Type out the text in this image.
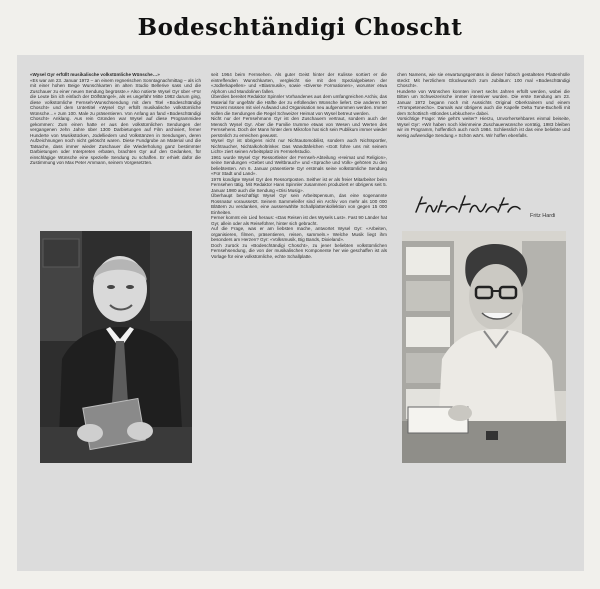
Bodeschtändigi Choscht

«Wysel Gyr erfüllt musikalische volkstümliche Wünsche…»

«Es war am 23. Januar 1972 – an einem regnerischen Sonntagnachmittag – als ich mit einer hohen Beige Wunschkarten im alten Studio Bellerive sass und die Zuschauer zu einer neuen Sendung begrüsste.» Also notierte Wysel Gyr über «Für die Leute bin ich einfach der Dölfstängel», als es ungefähr Mitte 1982 darum ging, diese volkstümliche Fernseh-Wunschsendung mit dem Titel «Bodeschtändigi Choscht» und dem Untertitel «Wysel Gyr erfüllt musikalische volkstümliche Wünsche…» zum 100. Male zu präsentieren. Von Anfang an fand «Bodeschtändigi Choscht» Anklang. Aus rein Gründen war Wysel auf diese Programmidee gekommen: Zum einen hatte er aus den volkstümlichen Sendungen der vergangenen zehn Jahre über 1300 Darbietungen auf Film archiviert, ferner Hunderte von Musikstücken, Jodelliedern und Volkstänzen in Sendungen, deren Aufzeichnungen noch nicht gelöscht waren. Diese Fundgrube an Material und die Tatsache, dass immer wieder Zuschauer die Wiederholung ganz bestimmter Darbietungen oder Interpreten erbaten, brachten Gyr auf den Gedanken, für einschlägige Wünsche eine spezielle Sendung zu schaffen. Er erhielt dafür die Zustimmung von Max Peter Ammann, seinem Vorgesetzten.

seit 1964 beim Fernsehen. Als guter Geist hinter der Kulisse sortiert er die eintreffenden Wunschkarten, vergleicht sie mit den Spezialgebieten der «Jodlerkapellen» und «Blasmusik», sowie «Diverse Formationen», worunter etwa Alphorn und Mandolinen fallen.

Überdies bereitet Redaktor Spinnler Vorhandenes aus dem umfangreichen Archiv, das Material für ungefähr die Hälfte der zu erfüllenden Wünsche liefert. Die anderen 50 Prozent müssen mit viel Aufwand und Organisation neu aufgenommen werden. Immer sollen die Sendungen die Regel Schweizer Heimat von Wysel betreut werden.

Nicht nur der Fernsehmann Gyr ist den Zuschauern vertraut, sondern auch der Mensch Wysel Gyr. Aber die Familie trumme etwas von Wesen und Werten des Fernsehens. Doch der Mann hinter dem Mikrofon hat sich sein Publikum immer wieder persönlich zu erreichen gewusst.

Wysel Gyr ist übrigens nicht nur Nichtautomobilist, sondern auch Nichtsportler, Nichtraucher, Nichtalkoholtrinker. Das Wandtäfelchen «Gott führe uns mit seinem Licht» ziert seinen Arbeitsplatz im Fernsehstudio.

1961 wurde Wysel Gyr Ressortleiter der Fernseh-Abteilung «Heimat und Religion», seine Sendungen «Gebet und Weltbrauch» und «Sprache und Volk» gehören zu den beliebtesten. Am 6. Januar präsentierte Gyr erstmals seine volkstümliche Sendung «Für Stadt und Land».

1976 kündigte Wysel Gyr den Ressortposten. Seither ist er als freier Mitarbeiter beim Fernsehen tätig. Mit Redaktor Hans Spinnler zusammen produziert er übrigens seit 5. Januar 1980 auch die Sendung «Oisi Musig».

Überhaupt beschäftigt Wysel Gyr sein Arbeitspensum, das eine sogenannte Rossnatur voraussetzt. Seinem Sammeleifer sind ein Archiv von mehr als 100 000 Blättern zu verdanken, eine ausserwählte Schallplattenkollektion von gegen 15 000 Einheiten.

Ferner kommt ein Lied heraus: «Das Reisen ist des Wysels Lust». Fast 90 Länder hat Gyr, allein oder als Reiseführer, hinter sich gebracht.

Auf die Frage, was er am liebsten mache, antwortet Wysel Gyr: «Arbeiten, organisieren, filmen, präsentieren, reisen, sammeln.» Welche Musik liegt ihm besonders am Herzen? Gyr: «Volksmusik, Big Bands, Dixieland».

Doch zurück zu «Bodeschtändigi Choscht», zu jener beliebten volkstümlichen Fernsehsendung, die von der musikalischen Komponente her wie geschaffen ist als Vorlage für eine volkstümliche, echte Schallplatte.

chen Namens, wie sie erwartungsgemäss in dieser hübsch gestalteten Plattenhülle steckt: Mit herzlichem Glückwunsch zum Jubiläum: 100 mal «Bodeschtändigi Choscht».

Hunderte von Wünschen konnten innert sechs Jahren erfüllt werden, wobei die Bitten um Schweizerische immer intensiver wurden. Die erste Sendung am 23. Januar 1972 begann noch mit Aussichts Original Oberkrainern und einem «Trompetenecho». Damals war übrigens auch die Kapelle Delta Tune-Buchelli mit dem Schottisch «Blondes Lebkuchen» dabei.

Vorsichtige Frage: Wie geht's weiter? Hierzu, Unvorhersehbares einmal beiseite, Wysel Gyr: «Wir haben noch kleinmeine Zuschauerwünsche vorrätig, 1983 bleiben wir im Programm, hoffentlich auch noch 1984. Schliesslich ist das eine beliebte und wenig aufwendige Sendung.» Schön wär's. Wir hoffen ebenfalls.

Fritz Hardi
